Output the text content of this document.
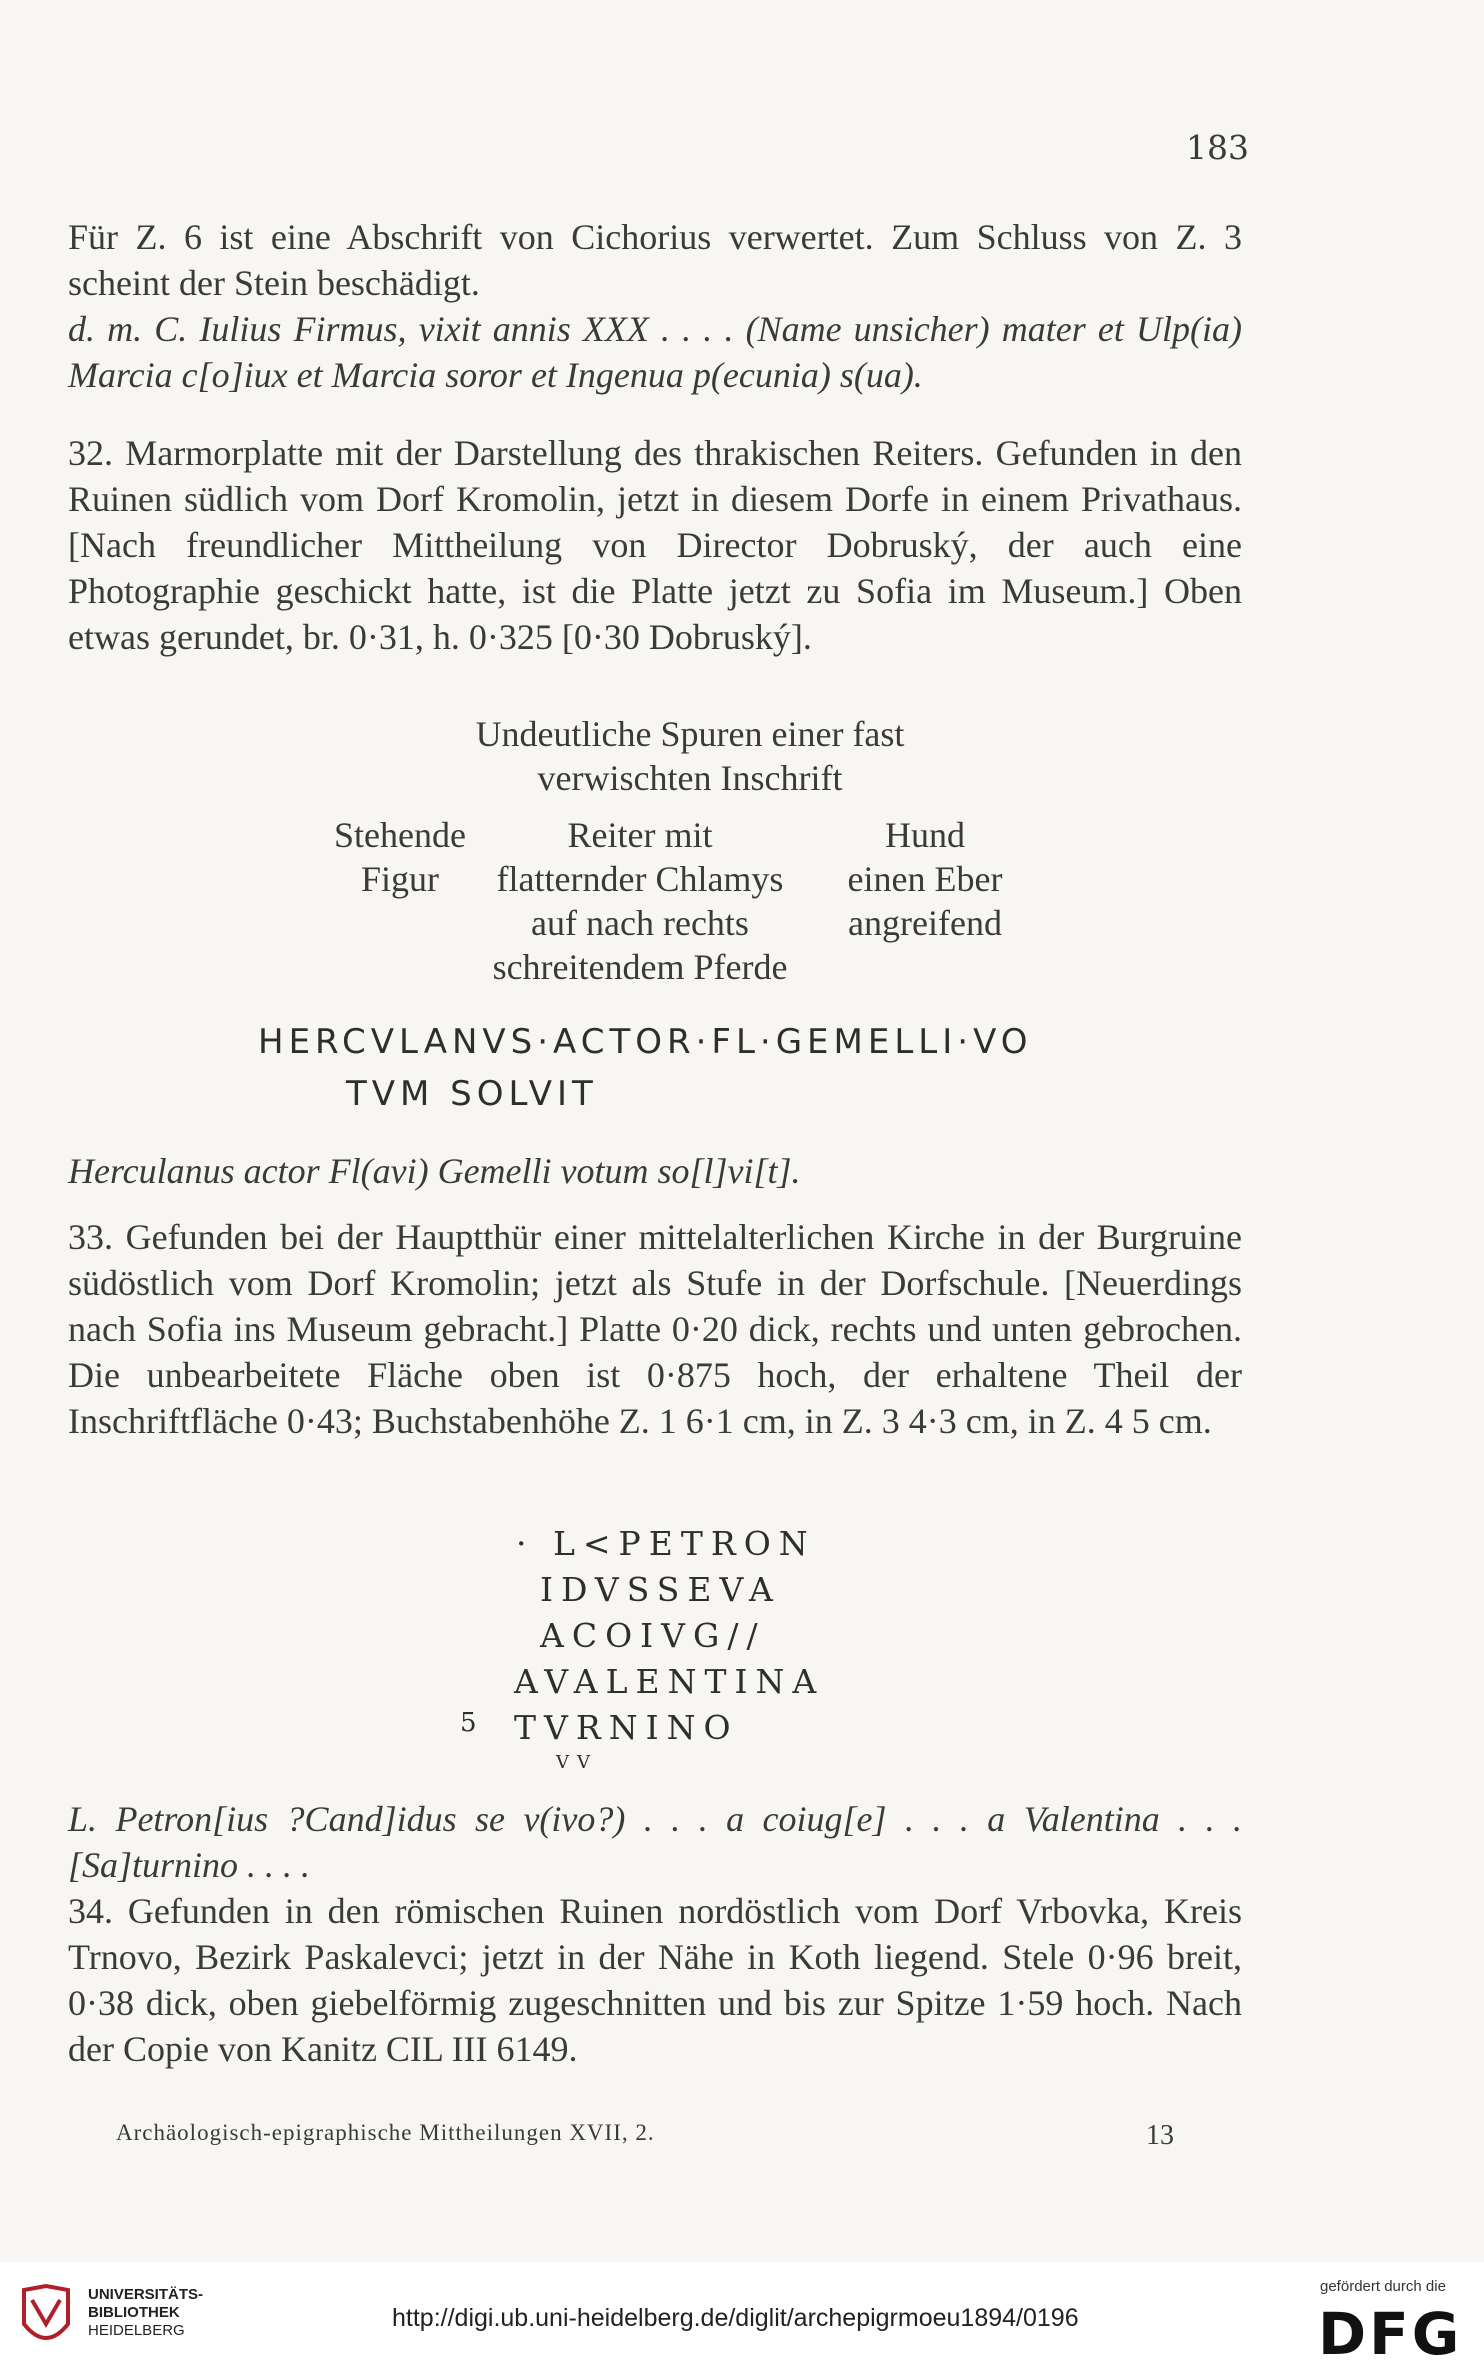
183
Für Z. 6 ist eine Abschrift von Cichorius verwertet. Zum Schluss von Z. 3 scheint der Stein beschädigt.
d. m. C. Iulius Firmus, vixit annis XXX . . . . (Name unsicher) mater et Ulp(ia) Marcia c[o]iux et Marcia soror et Ingenua p(ecunia) s(ua).
32. Marmorplatte mit der Darstellung des thrakischen Reiters. Gefunden in den Ruinen südlich vom Dorf Kromolin, jetzt in diesem Dorfe in einem Privathaus. [Nach freundlicher Mittheilung von Director Dobruský, der auch eine Photographie geschickt hatte, ist die Platte jetzt zu Sofia im Museum.] Oben etwas gerundet, br. 0·31, h. 0·325 [0·30 Dobruský].
Undeutliche Spuren einer fast
verwischten Inschrift
Stehende
Figur
Reiter mit
flatternder Chlamys
auf nach rechts
schreitendem Pferde
Hund
einen Eber
angreifend
HERCVLANVS·ACTOR·FL·GEMELLI·VO
TVM SOLVIT
Herculanus actor Fl(avi) Gemelli votum so[l]vi[t].
33. Gefunden bei der Hauptthür einer mittelalterlichen Kirche in der Burgruine südöstlich vom Dorf Kromolin; jetzt als Stufe in der Dorfschule. [Neuerdings nach Sofia ins Museum gebracht.] Platte 0·20 dick, rechts und unten gebrochen. Die unbearbeitete Fläche oben ist 0·875 hoch, der erhaltene Theil der Inschriftfläche 0·43; Buchstabenhöhe Z. 1 6·1 cm, in Z. 3 4·3 cm, in Z. 4 5 cm.
· L<PETRON
IDVSSEVA
ACOIVG//
AVALENTINA
5 TVRNINO
VV
L. Petron[ius ?Cand]idus se v(ivo?) . . . a coiug[e] . . . a Valentina . . . [Sa]turnino . . . .
34. Gefunden in den römischen Ruinen nordöstlich vom Dorf Vrbovka, Kreis Trnovo, Bezirk Paskalevci; jetzt in der Nähe in Koth liegend. Stele 0·96 breit, 0·38 dick, oben giebelförmig zugeschnitten und bis zur Spitze 1·59 hoch. Nach der Copie von Kanitz CIL III 6149.
Archäologisch-epigraphische Mittheilungen XVII, 2.	13
UNIVERSITÄTS-
BIBLIOTHEK
HEIDELBERG	http://digi.ub.uni-heidelberg.de/diglit/archepigrmoeu1894/0196
gefördert durch die
DFG
